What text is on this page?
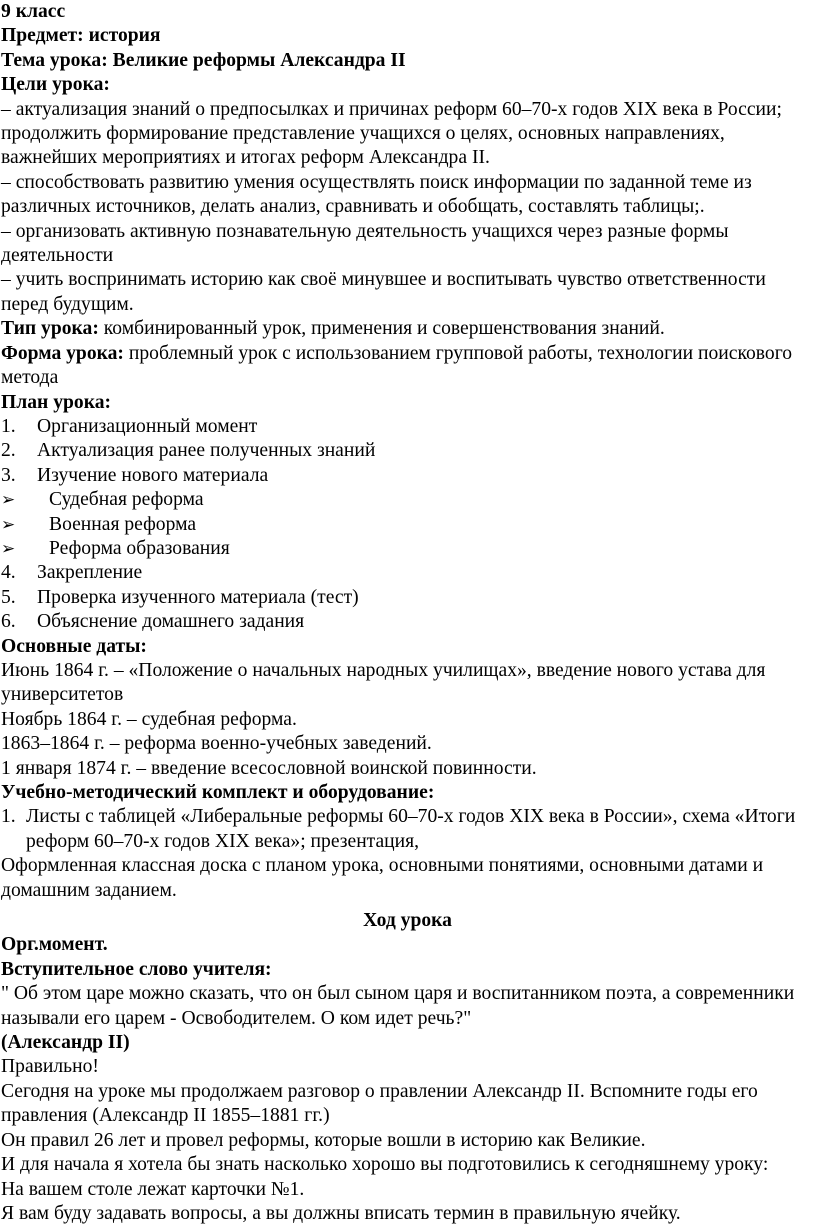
9 класс
Предмет: история
Тема урока: Великие реформы Александра II
Цели урока:
– актуализация знаний о предпосылках и причинах реформ 60–70-х годов XIX века в России; продолжить формирование представление учащихся о целях, основных направлениях, важнейших мероприятиях и итогах реформ Александра II.
– способствовать развитию умения осуществлять поиск информации по заданной теме из различных источников, делать анализ, сравнивать и обобщать, составлять таблицы;.
– организовать активную познавательную деятельность учащихся через разные формы деятельности
– учить воспринимать историю как своё минувшее и воспитывать чувство ответственности перед будущим.
Тип урока: комбинированный урок, применения и совершенствования знаний.
Форма урока: проблемный урок с использованием групповой работы, технологии поискового метода
План урока:
1.	Организационный момент
2.	Актуализация ранее полученных знаний
3.	Изучение нового материала
➢	Судебная реформа
➢	Военная реформа
➢	Реформа образования
4.	Закрепление
5.	Проверка изученного материала (тест)
6.	Объяснение домашнего задания
Основные даты:
Июнь 1864 г. – «Положение о начальных народных училищах», введение нового устава для университетов
Ноябрь 1864 г. – судебная реформа.
1863–1864 г. – реформа военно-учебных заведений.
1 января 1874 г. – введение всесословной воинской повинности.
Учебно-методический комплект и оборудование:
1. Листы с таблицей «Либеральные реформы 60–70-х годов XIX века в России», схема «Итоги реформ 60–70-х годов XIX века»; презентация,
Оформленная классная доска с планом урока, основными понятиями, основными датами и домашним заданием.
Ход урока
Орг.момент.
Вступительное слово учителя:
" Об этом царе можно сказать, что он был сыном царя и воспитанником поэта, а современники называли его царем - Освободителем. О ком идет речь?"
(Александр II)
Правильно!
Сегодня на уроке мы продолжаем разговор о правлении Александр II. Вспомните годы его правления (Александр II 1855–1881 гг.)
Он правил 26 лет и провел реформы, которые вошли в историю как Великие.
И для начала я хотела бы знать насколько хорошо вы подготовились к сегодняшнему уроку:
На вашем столе лежат карточки №1.
Я вам буду задавать вопросы, а вы должны вписать термин в правильную ячейку.
